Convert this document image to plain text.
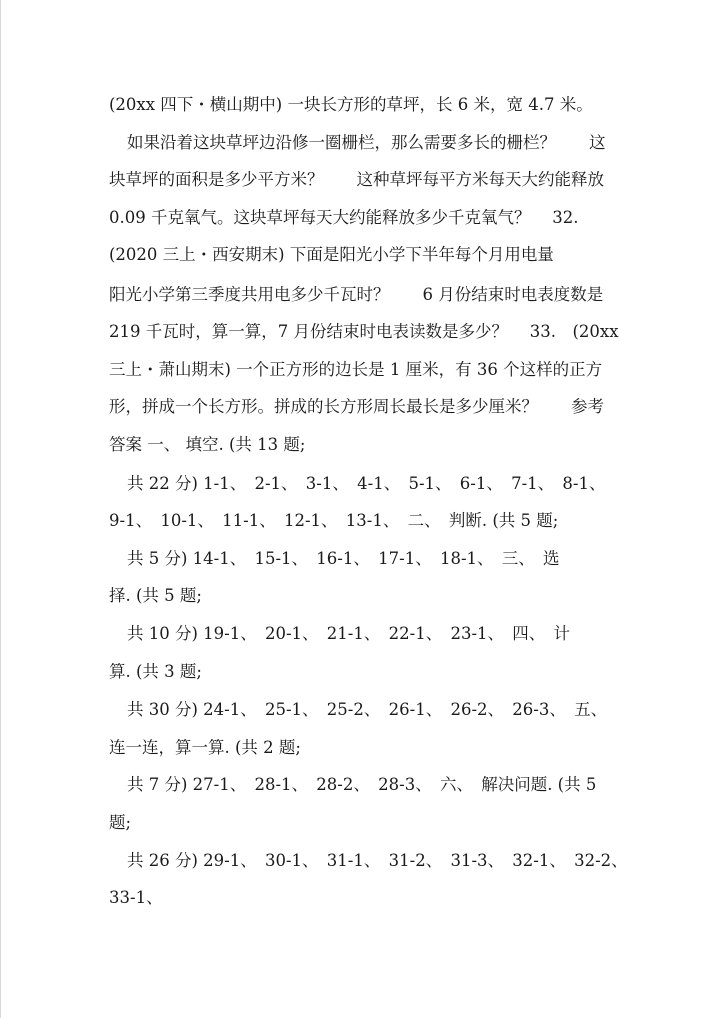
(20xx 四下・横山期中) 一块长方形的草坪，长 6 米，宽 4.7 米。
如果沿着这块草坪边沿修一圈栅栏，那么需要多长的栅栏？　　这
块草坪的面积是多少平方米？　　这种草坪每平方米每天大约能释放
0.09 千克氧气。这块草坪每天大约能释放多少千克氧气？　 32.
(2020 三上・西安期末) 下面是阳光小学下半年每个月用电量
阳光小学第三季度共用电多少千瓦时？　　6 月份结束时电表度数是
219 千瓦时，算一算，7 月份结束时电表读数是多少？　 33.　(20xx
三上・萧山期末) 一个正方形的边长是 1 厘米，有 36 个这样的正方
形，拼成一个长方形。拼成的长方形周长最长是多少厘米？　　参考
答案 一、 填空. (共 13 题;
共 22 分) 1-1、　2-1、　3-1、　4-1、　5-1、　6-1、　7-1、　8-1、
9-1、　10-1、　11-1、　12-1、　13-1、　二、　判断. (共 5 题;
共 5 分) 14-1、　15-1、　16-1、　17-1、　18-1、　三、　选
择. (共 5 题;
共 10 分) 19-1、　20-1、　21-1、　22-1、　23-1、　四、　计
算. (共 3 题;
共 30 分) 24-1、　25-1、　25-2、　26-1、　26-2、　26-3、　五、
连一连，算一算. (共 2 题;
共 7 分) 27-1、　28-1、　28-2、　28-3、　六、　解决问题. (共 5
题;
共 26 分) 29-1、　30-1、　31-1、　31-2、　31-3、　32-1、　32-2、
33-1、
